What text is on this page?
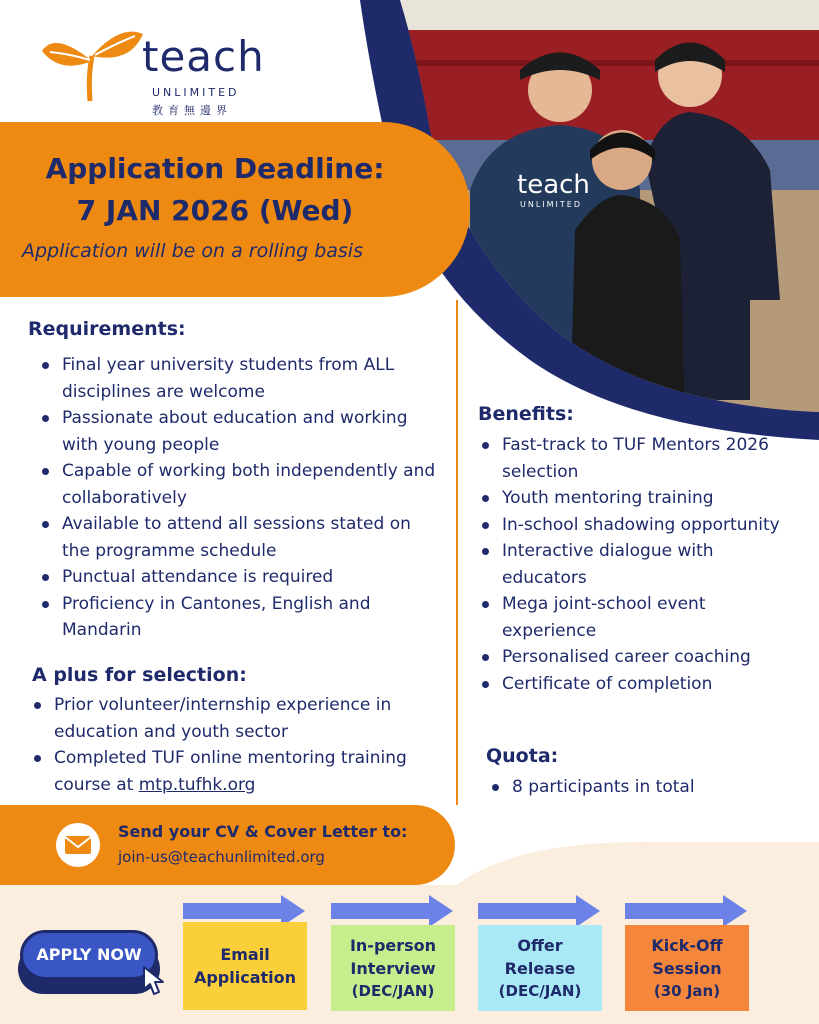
teach
UNLIMITED
teach
UNLIMITED
教育無邊界
Application Deadline:
7 JAN 2026 (Wed)
Application will be on a rolling basis
Requirements:
Final year university students from ALL disciplines are welcome
Passionate about education and working with young people
Capable of working both independently and collaboratively
Available to attend all sessions stated on the programme schedule
Punctual attendance is required
Proficiency in Cantones, English and Mandarin
A plus for selection:
Prior volunteer/internship experience in education and youth sector
Completed TUF online mentoring training course at mtp.tufhk.org
Benefits:
Fast-track to TUF Mentors 2026 selection
Youth mentoring training
In-school shadowing opportunity
Interactive dialogue with educators
Mega joint-school event experience
Personalised career coaching
Certificate of completion
Quota:
8 participants in total
Send your CV & Cover Letter to:
join-us@teachunlimited.org
APPLY NOW	Email
Application
In-person
Interview
(DEC/JAN)
Offer
Release
(DEC/JAN)
Kick-Off
Session
(30 Jan)
